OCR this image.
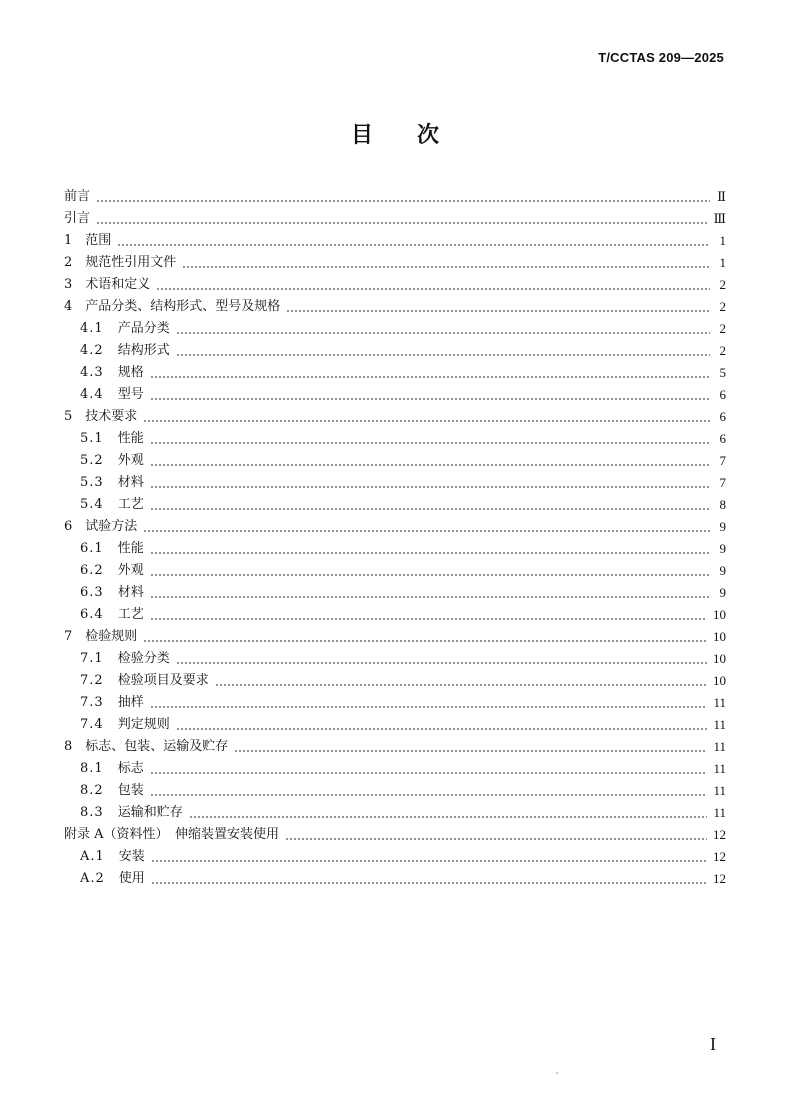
T/CCTAS 209—2025
目　　次
前言	Ⅱ
引言	Ⅲ
1 范围	1
2 规范性引用文件	1
3 术语和定义	2
4 产品分类、结构形式、型号及规格	2
4.1 产品分类	2
4.2 结构形式	2
4.3 规格	5
4.4 型号	6
5 技术要求	6
5.1 性能	6
5.2 外观	7
5.3 材料	7
5.4 工艺	8
6 试验方法	9
6.1 性能	9
6.2 外观	9
6.3 材料	9
6.4 工艺	10
7 检验规则	10
7.1 检验分类	10
7.2 检验项目及要求	10
7.3 抽样	11
7.4 判定规则	11
8 标志、包装、运输及贮存	11
8.1 标志	11
8.2 包装	11
8.3 运输和贮存	11
附录 A（资料性）　伸缩装置安装使用	12
A.1 安装	12
A.2 使用	12
I
